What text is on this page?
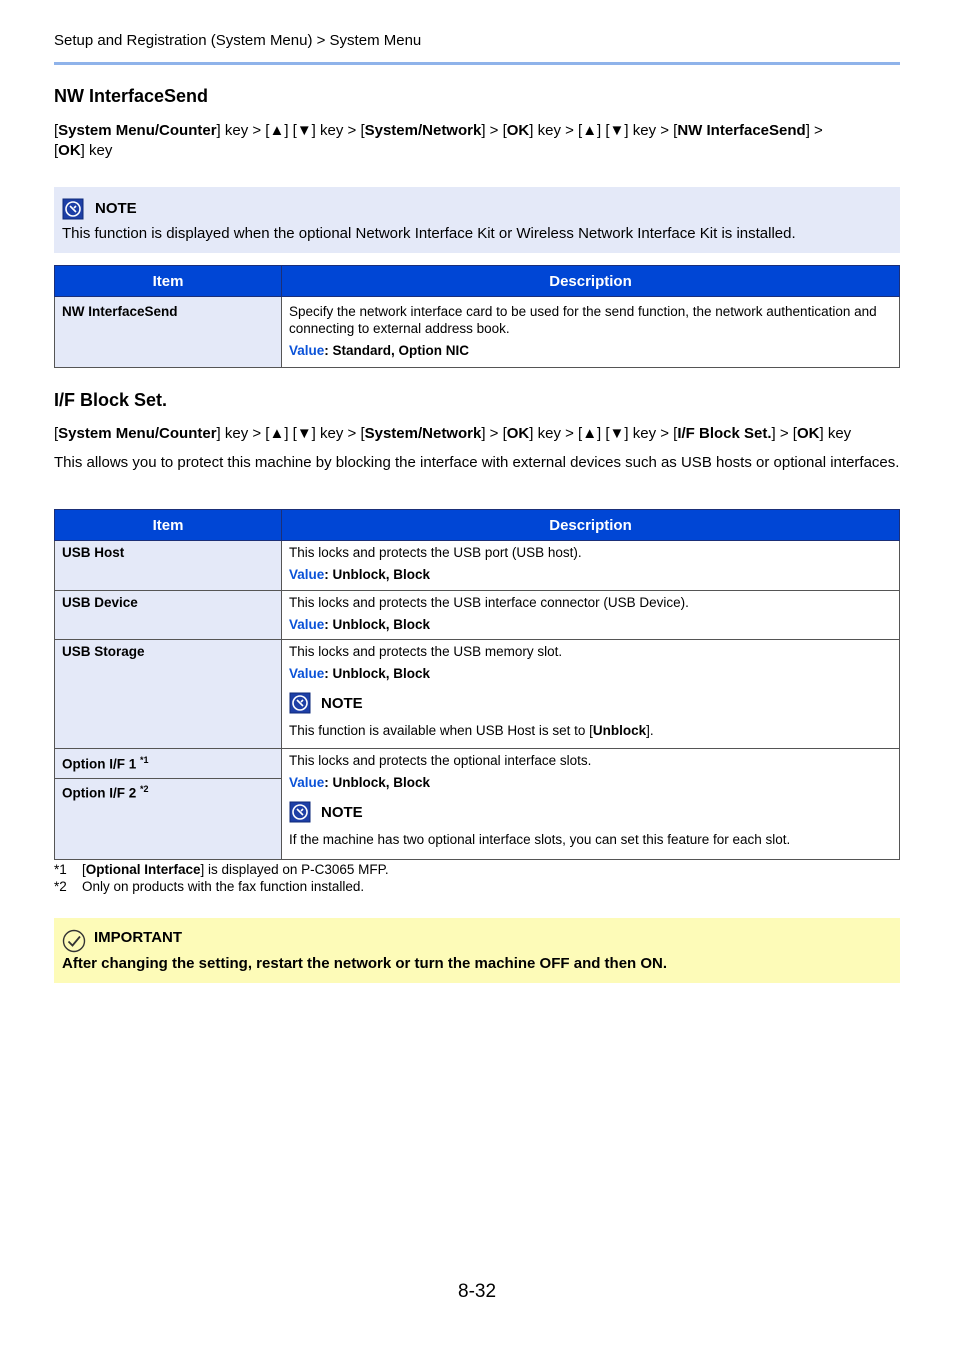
Setup and Registration (System Menu) > System Menu
NW InterfaceSend
[System Menu/Counter] key > [▲] [▼] key > [System/Network] > [OK] key > [▲] [▼] key > [NW InterfaceSend] >
[OK] key
NOTE
This function is displayed when the optional Network Interface Kit or Wireless Network Interface Kit is installed.
Item	Description
NW InterfaceSend	Specify the network interface card to be used for the send function, the network authentication and connecting to external address book.
Value: Standard, Option NIC
I/F Block Set.
[System Menu/Counter] key > [▲] [▼] key > [System/Network] > [OK] key > [▲] [▼] key > [I/F Block Set.] > [OK] key
This allows you to protect this machine by blocking the interface with external devices such as USB hosts or optional interfaces.
Item	Description
USB Host	This locks and protects the USB port (USB host).
Value: Unblock, Block

USB Device	This locks and protects the USB interface connector (USB Device).
Value: Unblock, Block

USB Storage	This locks and protects the USB memory slot.
Value: Unblock, Block
NOTE
This function is available when USB Host is set to [Unblock].

Option I/F 1 $^{*1}$	This locks and protects the optional interface slots.
Value: Unblock, Block
NOTE
If the machine has two optional interface slots, you can set this feature for each slot.

Option I/F 2 $^{*2}$
*1 [Optional Interface] is displayed on P-C3065 MFP.
*2 Only on products with the fax function installed.
IMPORTANT
After changing the setting, restart the network or turn the machine OFF and then ON.
8-32
